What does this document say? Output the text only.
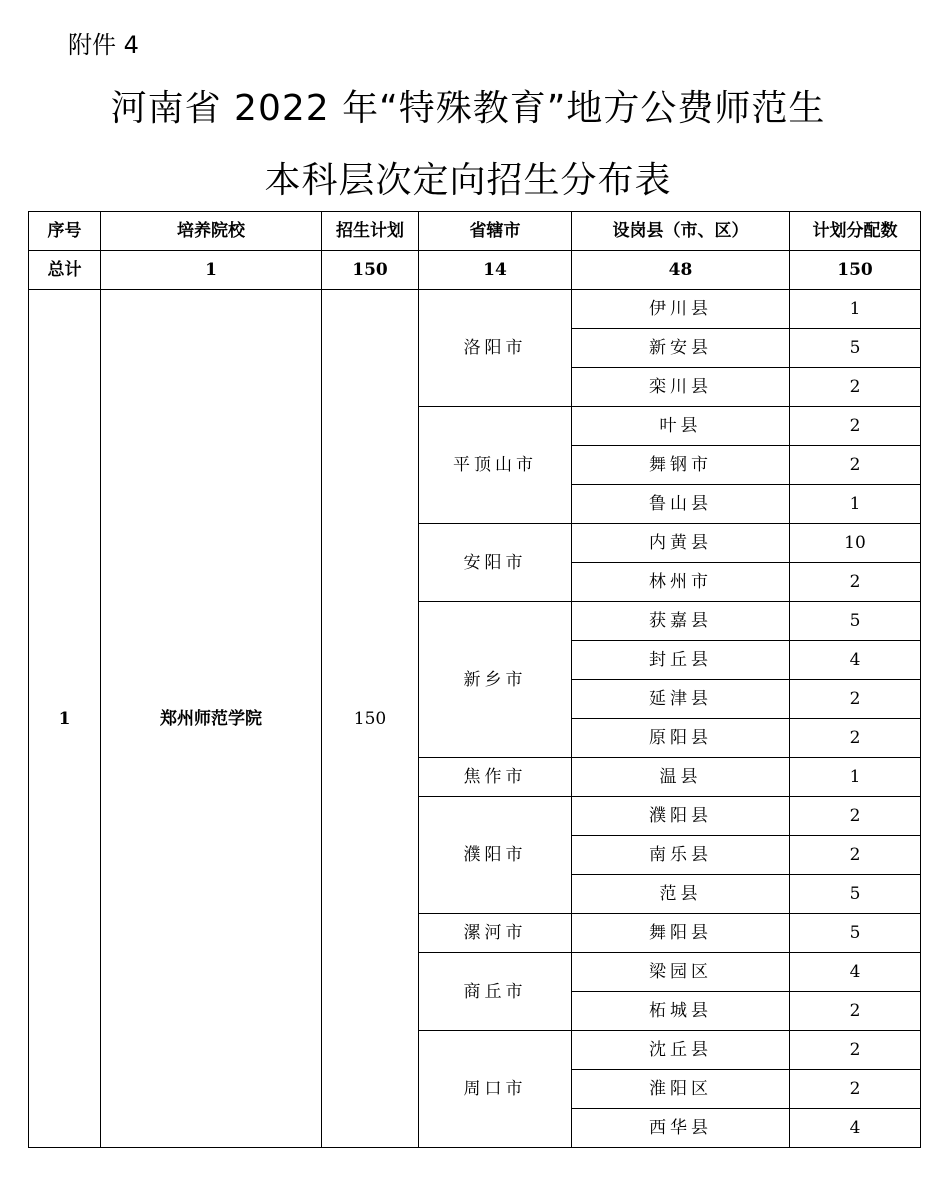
附件 4
河南省 2022 年“特殊教育”地方公费师范生
本科层次定向招生分布表
序号	培养院校	招生计划	省辖市	设岗县（市、区）	计划分配数
总计	1	150	14	48	150
1	郑州师范学院	150	洛阳市	伊川县	1
				新安县	5
				栾川县	2
			平顶山市	叶县	2
				舞钢市	2
				鲁山县	1
			安阳市	内黄县	10
				林州市	2
			新乡市	获嘉县	5
				封丘县	4
				延津县	2
				原阳县	2
			焦作市	温县	1
			濮阳市	濮阳县	2
				南乐县	2
				范县	5
			漯河市	舞阳县	5
			商丘市	梁园区	4
				柘城县	2
			周口市	沈丘县	2
				淮阳区	2
				西华县	4
